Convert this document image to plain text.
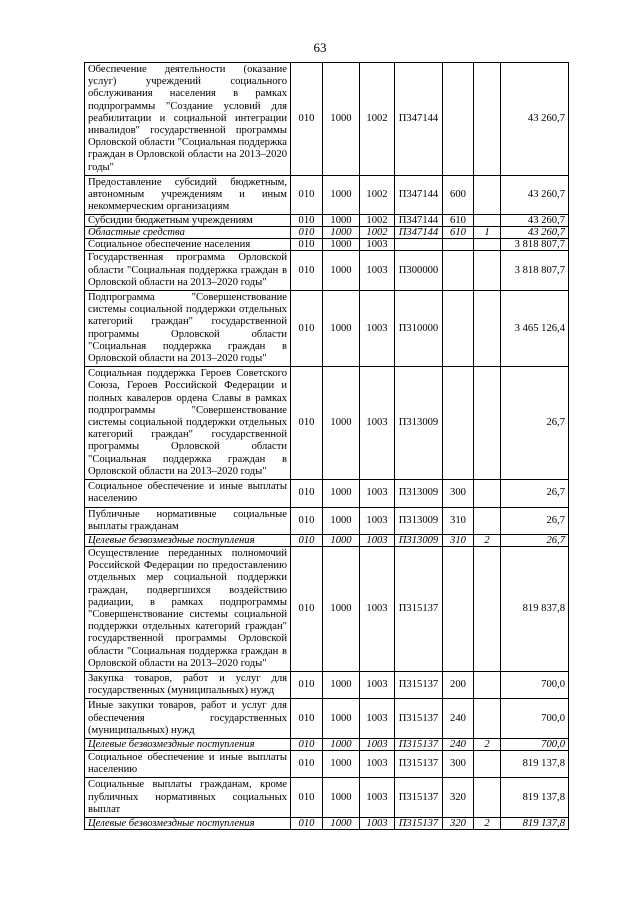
63
Обеспечение деятельности (оказание услуг) учреждений социального обслуживания населения в рамках подпрограммы "Создание условий для реабилитации и социальной интеграции инвалидов" государственной программы Орловской области "Социальная поддержка граждан в Орловской области на 2013–2020 годы"	010	1000	1002	П347144			43 260,7
Предоставление субсидий бюджетным, автономным учреждениям и иным некоммерческим организациям	010	1000	1002	П347144	600		43 260,7
Субсидии бюджетным учреждениям	010	1000	1002	П347144	610		43 260,7
Областные средства	010	1000	1002	П347144	610	1	43 260,7
Социальное обеспечение населения	010	1000	1003				3 818 807,7
Государственная программа Орловской области "Социальная поддержка граждан в Орловской области на 2013–2020 годы"	010	1000	1003	П300000			3 818 807,7
Подпрограмма "Совершенствование системы социальной поддержки отдельных категорий граждан" государственной программы Орловской области "Социальная поддержка граждан в Орловской области на 2013–2020 годы"	010	1000	1003	П310000			3 465 126,4
Социальная поддержка Героев Советского Союза, Героев Российской Федерации и полных кавалеров ордена Славы в рамках подпрограммы "Совершенствование системы социальной поддержки отдельных категорий граждан" государственной программы Орловской области "Социальная поддержка граждан в Орловской области на 2013–2020 годы"	010	1000	1003	П313009			26,7
Социальное обеспечение и иные выплаты населению	010	1000	1003	П313009	300		26,7
Публичные нормативные социальные выплаты гражданам	010	1000	1003	П313009	310		26,7
Целевые безвозмездные поступления	010	1000	1003	П313009	310	2	26,7
Осуществление переданных полномочий Российской Федерации по предоставлению отдельных мер социальной поддержки граждан, подвергшихся воздействию радиации, в рамках подпрограммы "Совершенствование системы социальной поддержки отдельных категорий граждан" государственной программы Орловской области "Социальная поддержка граждан в Орловской области на 2013–2020 годы"	010	1000	1003	П315137			819 837,8
Закупка товаров, работ и услуг для государственных (муниципальных) нужд	010	1000	1003	П315137	200		700,0
Иные закупки товаров, работ и услуг для обеспечения государственных (муниципальных) нужд	010	1000	1003	П315137	240		700,0
Целевые безвозмездные поступления	010	1000	1003	П315137	240	2	700,0
Социальное обеспечение и иные выплаты населению	010	1000	1003	П315137	300		819 137,8
Социальные выплаты гражданам, кроме публичных нормативных социальных выплат	010	1000	1003	П315137	320		819 137,8
Целевые безвозмездные поступления	010	1000	1003	П315137	320	2	819 137,8
